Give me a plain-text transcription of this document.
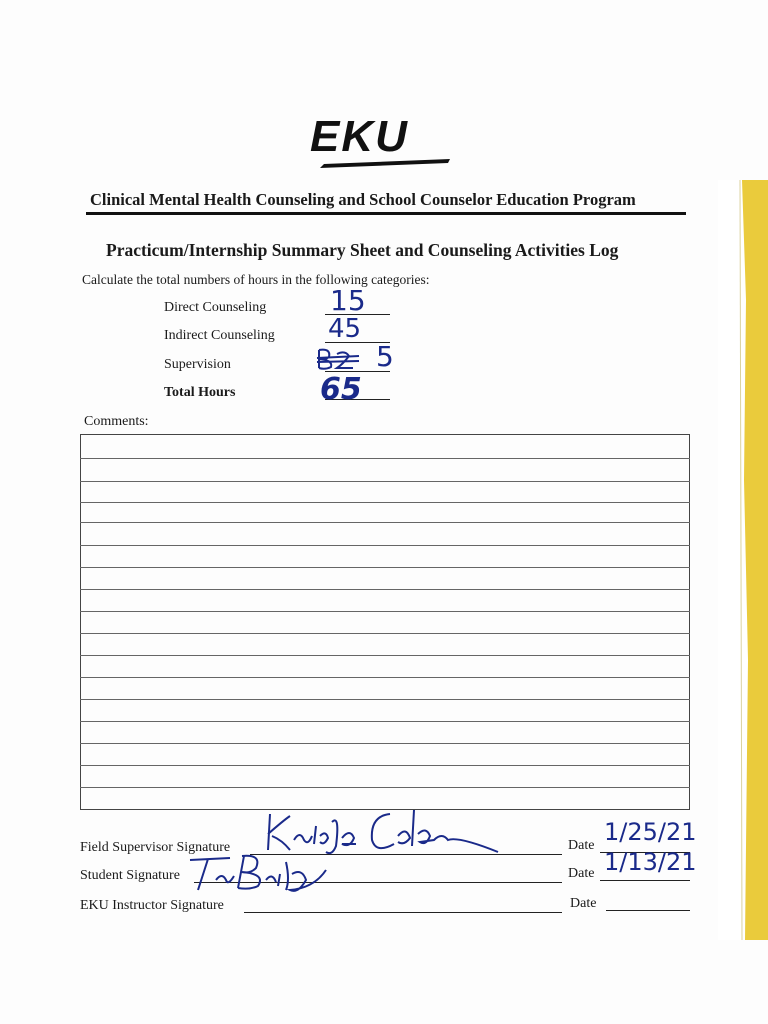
EKU
Clinical Mental Health Counseling and School Counselor Education Program
Practicum/Internship Summary Sheet and Counseling Activities Log
Calculate the total numbers of hours in the following categories:
Direct Counseling 15
Indirect Counseling 45
Supervision	5
Total Hours	65
Comments:
Field Supervisor Signature	Date 1/25/21
Student Signature	Date 1/13/21
EKU Instructor Signature	Date
